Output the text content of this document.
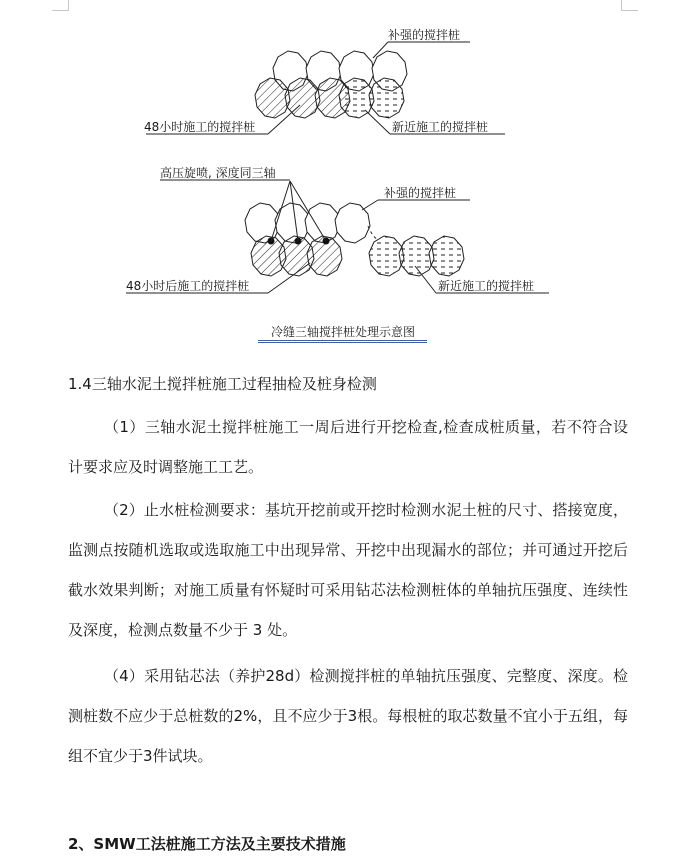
补强的搅拌桩
48小时施工的搅拌桩	新近施工的搅拌桩
高压旋喷, 深度同三轴
补强的搅拌桩
48小时后施工的搅拌桩	新近施工的搅拌桩
冷缝三轴搅拌桩处理示意图

1.4三轴水泥土搅拌桩施工过程抽检及桩身检测

（1）三轴水泥土搅拌桩施工一周后进行开挖检查,检查成桩质量，若不符合设计要求应及时调整施工工艺。

（2）止水桩检测要求：基坑开挖前或开挖时检测水泥土桩的尺寸、搭接宽度，监测点按随机选取或选取施工中出现异常、开挖中出现漏水的部位；并可通过开挖后截水效果判断；对施工质量有怀疑时可采用钻芯法检测桩体的单轴抗压强度、连续性及深度，检测点数量不少于 3 处。

（4）采用钻芯法（养护28d）检测搅拌桩的单轴抗压强度、完整度、深度。检测桩数不应少于总桩数的2%，且不应少于3根。每根桩的取芯数量不宜小于五组，每组不宜少于3件试块。

2、SMW工法桩施工方法及主要技术措施
